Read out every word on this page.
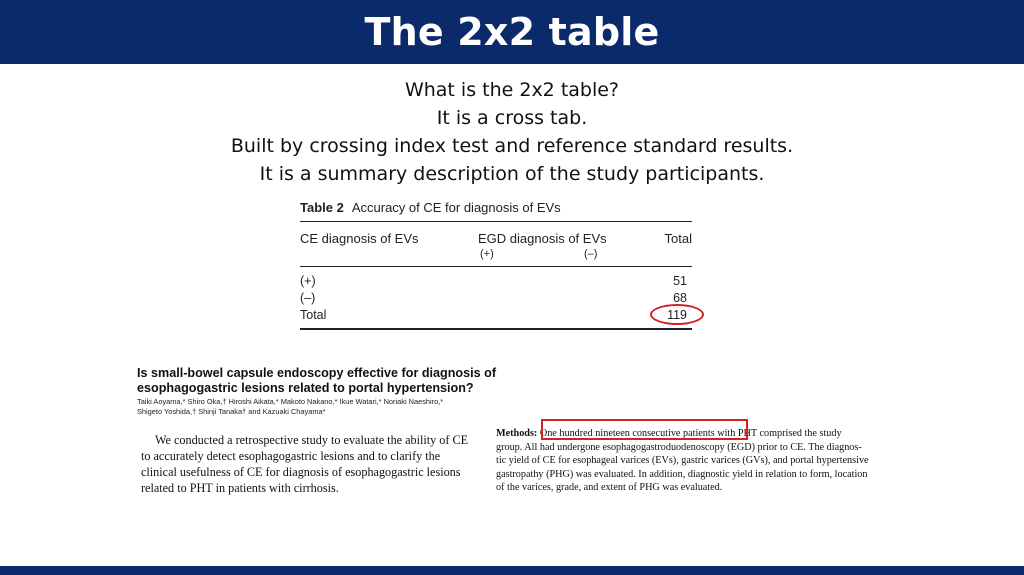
The 2x2 table
What is the 2x2 table?
It is a cross tab.
Built by crossing index test and reference standard results.
It is a summary description of the study participants.
Table 2 Accuracy of CE for diagnosis of EVs
CE diagnosis of EVs	EGD diagnosis of EVs	Total
(+)	(–)
(+)	51
(–)	68
Total	119
Is small-bowel capsule endoscopy effective for diagnosis of
esophagogastric lesions related to portal hypertension?
Taiki Aoyama,* Shiro Oka,† Hiroshi Aikata,* Makoto Nakano,* Ikue Watari,* Noriaki Naeshiro,*
Shigeto Yoshida,† Shinji Tanaka† and Kazuaki Chayama*
We conducted a retrospective study to evaluate the ability of CE
to accurately detect esophagogastric lesions and to clarify the
clinical usefulness of CE for diagnosis of esophagogastric lesions
related to PHT in patients with cirrhosis.
Methods: One hundred nineteen consecutive patients with PHT comprised the study
group. All had undergone esophagogastroduodenoscopy (EGD) prior to CE. The diagnos-
tic yield of CE for esophageal varices (EVs), gastric varices (GVs), and portal hypertensive
gastropathy (PHG) was evaluated. In addition, diagnostic yield in relation to form, location
of the varices, grade, and extent of PHG was evaluated.
